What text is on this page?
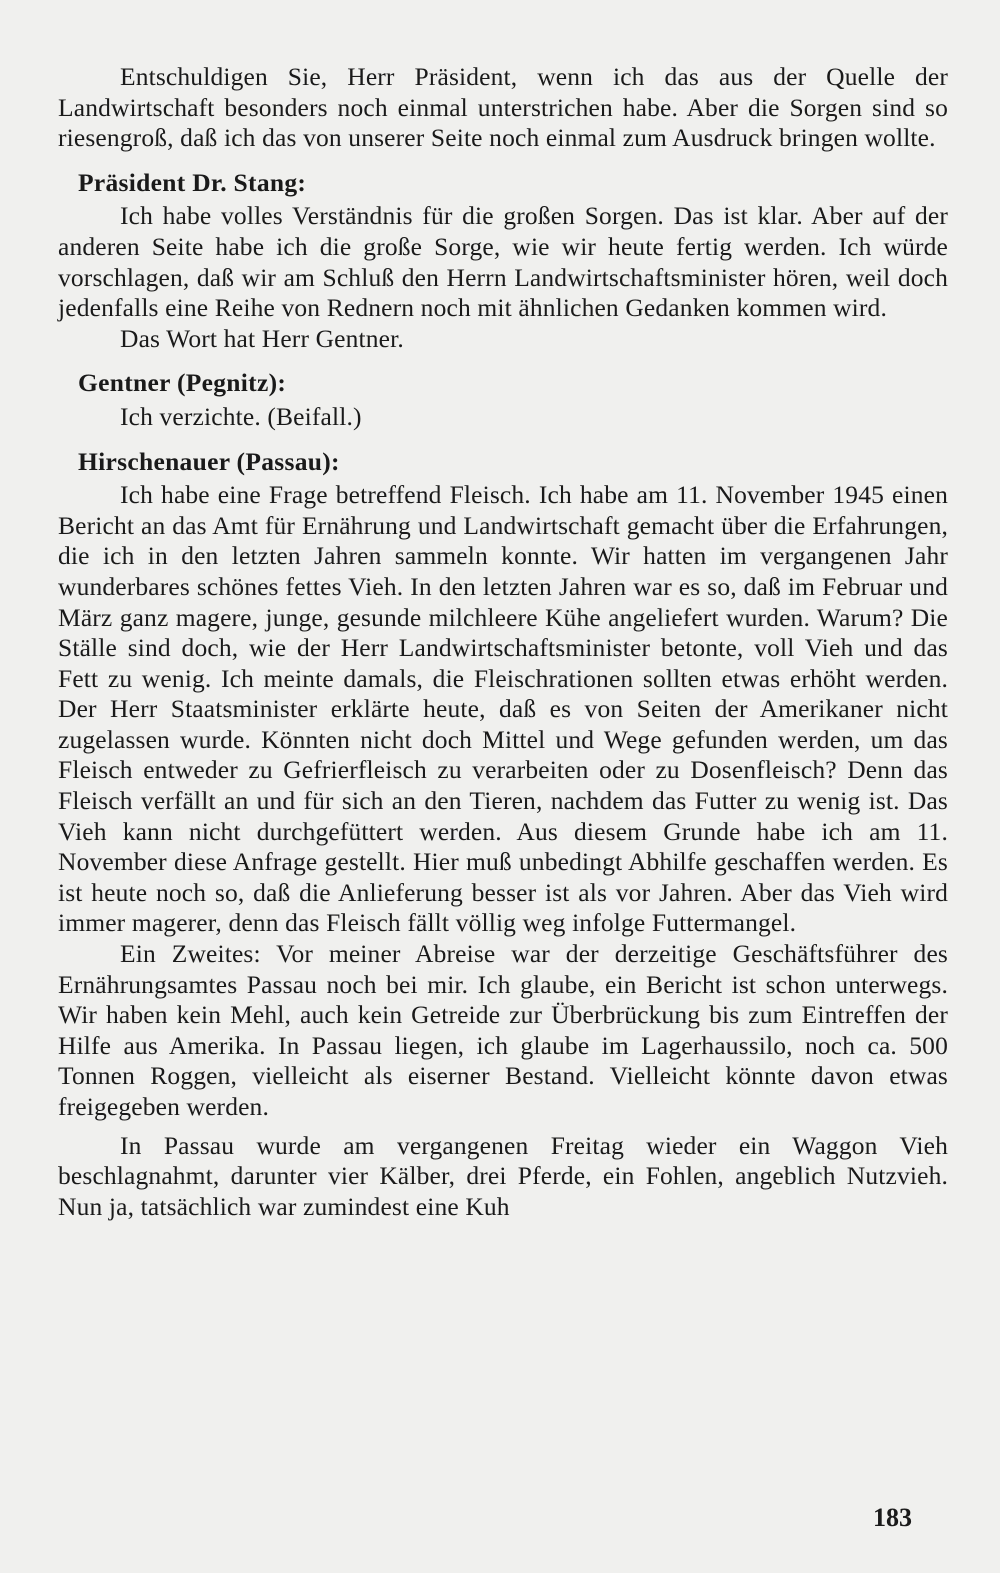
Entschuldigen Sie, Herr Präsident, wenn ich das aus der Quelle der Landwirtschaft besonders noch einmal unterstrichen habe. Aber die Sorgen sind so riesengroß, daß ich das von unserer Seite noch einmal zum Ausdruck bringen wollte.

Präsident Dr. Stang:

Ich habe volles Verständnis für die großen Sorgen. Das ist klar. Aber auf der anderen Seite habe ich die große Sorge, wie wir heute fertig werden. Ich würde vorschlagen, daß wir am Schluß den Herrn Landwirtschaftsminister hören, weil doch jedenfalls eine Reihe von Rednern noch mit ähnlichen Gedanken kommen wird.

Das Wort hat Herr Gentner.

Gentner (Pegnitz):

Ich verzichte. (Beifall.)

Hirschenauer (Passau):

Ich habe eine Frage betreffend Fleisch. Ich habe am 11. November 1945 einen Bericht an das Amt für Ernährung und Landwirtschaft gemacht über die Erfahrungen, die ich in den letzten Jahren sammeln konnte. Wir hatten im vergangenen Jahr wunderbares schönes fettes Vieh. In den letzten Jahren war es so, daß im Februar und März ganz magere, junge, gesunde milchleere Kühe angeliefert wurden. Warum? Die Ställe sind doch, wie der Herr Landwirtschaftsminister betonte, voll Vieh und das Fett zu wenig. Ich meinte damals, die Fleischrationen sollten etwas erhöht werden. Der Herr Staatsminister erklärte heute, daß es von Seiten der Amerikaner nicht zugelassen wurde. Könnten nicht doch Mittel und Wege gefunden werden, um das Fleisch entweder zu Gefrierfleisch zu verarbeiten oder zu Dosenfleisch? Denn das Fleisch verfällt an und für sich an den Tieren, nachdem das Futter zu wenig ist. Das Vieh kann nicht durchgefüttert werden. Aus diesem Grunde habe ich am 11. November diese Anfrage gestellt. Hier muß unbedingt Abhilfe geschaffen werden. Es ist heute noch so, daß die Anlieferung besser ist als vor Jahren. Aber das Vieh wird immer magerer, denn das Fleisch fällt völlig weg infolge Futtermangel.

Ein Zweites: Vor meiner Abreise war der derzeitige Geschäftsführer des Ernährungsamtes Passau noch bei mir. Ich glaube, ein Bericht ist schon unterwegs. Wir haben kein Mehl, auch kein Getreide zur Überbrückung bis zum Eintreffen der Hilfe aus Amerika. In Passau liegen, ich glaube im Lagerhaussilo, noch ca. 500 Tonnen Roggen, vielleicht als eiserner Bestand. Vielleicht könnte davon etwas freigegeben werden.

In Passau wurde am vergangenen Freitag wieder ein Waggon Vieh beschlagnahmt, darunter vier Kälber, drei Pferde, ein Fohlen, angeblich Nutzvieh. Nun ja, tatsächlich war zumindest eine Kuh

183
